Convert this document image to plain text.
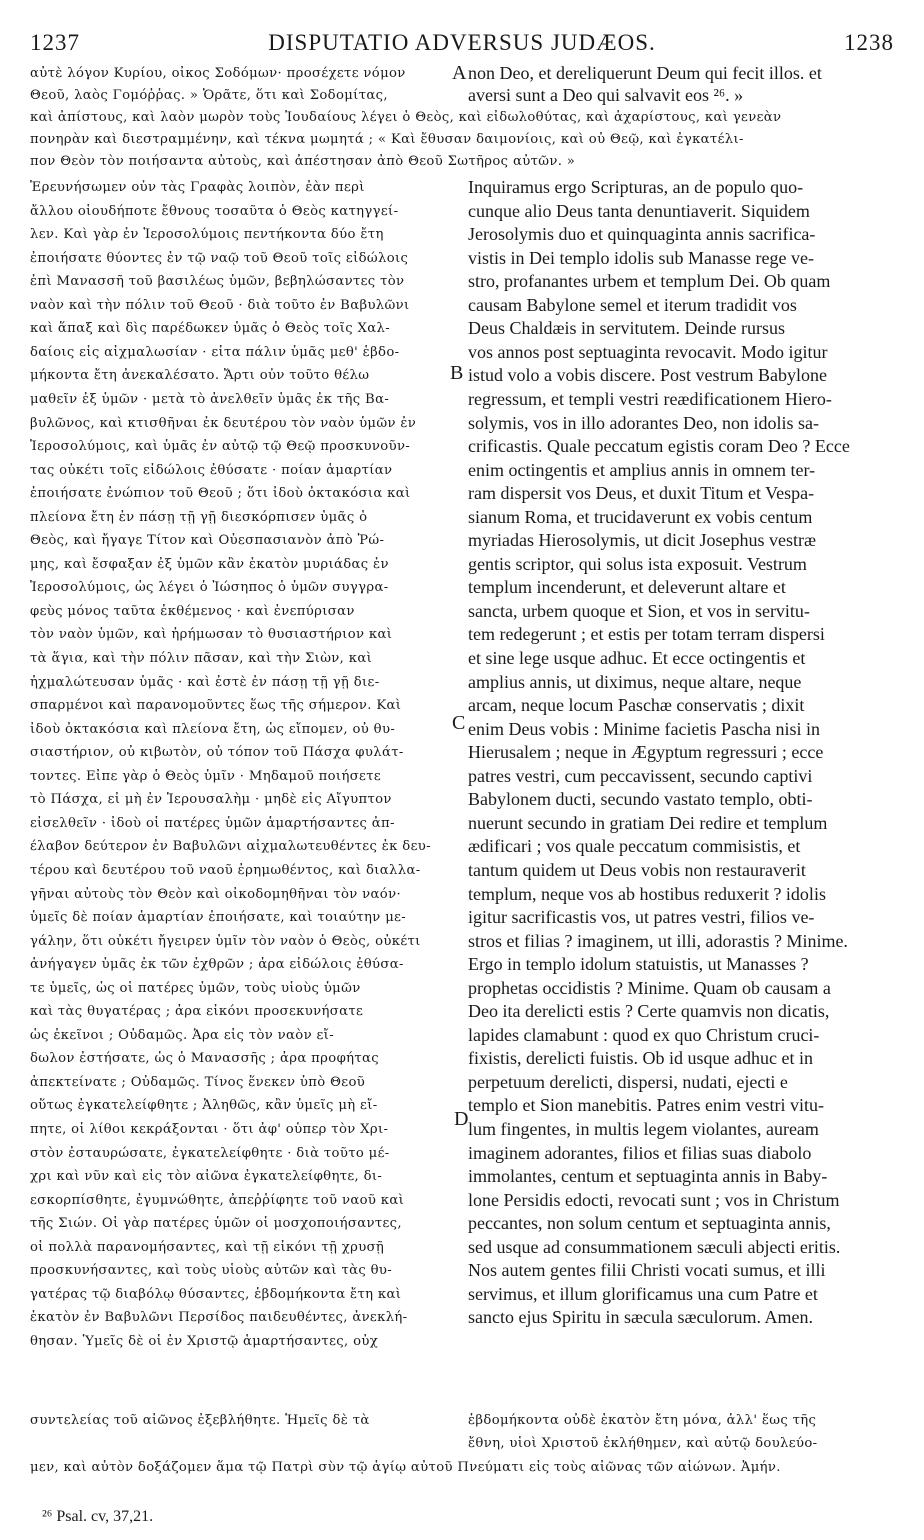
1237	DISPUTATIO ADVERSUS JUDÆOS.	1238
αὐτὲ λόγον Κυρίου, οἶκος Σοδόμων· προσέχετε νόμον	non Deo, et dereliquerunt Deum qui fecit illos. et
Θεοῦ, λαὸς Γομόῤῥας. » Ὁρᾶτε, ὅτι καὶ Σοδομίτας,	aversi sunt a Deo qui salvavit eos ²⁶. »
καὶ ἀπίστους, καὶ λαὸν μωρὸν τοὺς Ἰουδαίους λέγει ὁ Θεὸς, καὶ εἰδωλοθύτας, καὶ ἀχαρίστους, καὶ γενεὰν
πονηρὰν καὶ διεστραμμένην, καὶ τέκνα μωμητά ; « Καὶ ἔθυσαν δαιμονίοις, καὶ οὐ Θεῷ, καὶ ἐγκατέλι-
πον Θεὸν τὸν ποιήσαντα αὐτοὺς, καὶ ἀπέστησαν ἀπὸ Θεοῦ Σωτῆρος αὐτῶν. »
Ἐρευνήσωμεν οὖν τὰς Γραφὰς λοιπὸν, ἐὰν περὶ
ἄλλου οἱουδήποτε ἔθνους τοσαῦτα ὁ Θεὸς κατηγγεί-
λεν. Καὶ γὰρ ἐν Ἱεροσολύμοις πεντήκοντα δύο ἔτη
ἐποιήσατε θύοντες ἐν τῷ ναῷ τοῦ Θεοῦ τοῖς εἰδώλοις
ἐπὶ Μανασσῆ τοῦ βασιλέως ὑμῶν, βεβηλώσαντες τὸν
ναὸν καὶ τὴν πόλιν τοῦ Θεοῦ · διὰ τοῦτο ἐν Βαβυλῶνι
καὶ ἅπαξ καὶ δὶς παρέδωκεν ὑμᾶς ὁ Θεὸς τοῖς Χαλ-
δαίοις εἰς αἰχμαλωσίαν · εἶτα πάλιν ὑμᾶς μεθ' ἑβδο-
μήκοντα ἔτη ἀνεκαλέσατο. Ἄρτι οὖν τοῦτο θέλω
μαθεῖν ἐξ ὑμῶν · μετὰ τὸ ἀνελθεῖν ὑμᾶς ἐκ τῆς Βα-
βυλῶνος, καὶ κτισθῆναι ἐκ δευτέρου τὸν ναὸν ὑμῶν ἐν
Ἱεροσολύμοις, καὶ ὑμᾶς ἐν αὐτῷ τῷ Θεῷ προσκυνοῦν-
τας οὐκέτι τοῖς εἰδώλοις ἐθύσατε · ποίαν ἁμαρτίαν
ἐποιήσατε ἐνώπιον τοῦ Θεοῦ ; ὅτι ἰδοὺ ὀκτακόσια καὶ
πλείονα ἔτη ἐν πάσῃ τῇ γῇ διεσκόρπισεν ὑμᾶς ὁ
Θεὸς, καὶ ἤγαγε Τίτον καὶ Οὐεσπασιανὸν ἀπὸ Ῥώ-
μης, καὶ ἔσφαξαν ἐξ ὑμῶν κἂν ἑκατὸν μυριάδας ἐν
Ἱεροσολύμοις, ὡς λέγει ὁ Ἰώσηπος ὁ ὑμῶν συγγρα-
φεὺς μόνος ταῦτα ἐκθέμενος · καὶ ἐνεπύρισαν
τὸν ναὸν ὑμῶν, καὶ ἠρήμωσαν τὸ θυσιαστήριον καὶ
τὰ ἅγια, καὶ τὴν πόλιν πᾶσαν, καὶ τὴν Σιὼν, καὶ
ἠχμαλώτευσαν ὑμᾶς · καὶ ἐστὲ ἐν πάσῃ τῇ γῇ διε-
σπαρμένοι καὶ παρανομοῦντες ἕως τῆς σήμερον. Καὶ
ἰδοὺ ὀκτακόσια καὶ πλείονα ἔτη, ὡς εἴπομεν, οὐ θυ-
σιαστήριον, οὐ κιβωτὸν, οὐ τόπον τοῦ Πάσχα φυλάτ-
τοντες. Εἶπε γὰρ ὁ Θεὸς ὑμῖν · Μηδαμοῦ ποιήσετε
τὸ Πάσχα, εἰ μὴ ἐν Ἱερουσαλὴμ · μηδὲ εἰς Αἴγυπτον
εἰσελθεῖν · ἰδοὺ οἱ πατέρες ὑμῶν ἁμαρτήσαντες ἀπ-
έλαβον δεύτερον ἐν Βαβυλῶνι αἰχμαλωτευθέντες ἐκ δευ-
τέρου καὶ δευτέρου τοῦ ναοῦ ἐρημωθέντος, καὶ διαλλα-
γῆναι αὐτοὺς τὸν Θεὸν καὶ οἰκοδομηθῆναι τὸν ναόν·
ὑμεῖς δὲ ποίαν ἁμαρτίαν ἐποιήσατε, καὶ τοιαύτην με-
γάλην, ὅτι οὐκέτι ἤγειρεν ὑμῖν τὸν ναὸν ὁ Θεὸς, οὐκέτι
ἀνήγαγεν ὑμᾶς ἐκ τῶν ἐχθρῶν ; ἆρα εἰδώλοις ἐθύσα-
τε ὑμεῖς, ὡς οἱ πατέρες ὑμῶν, τοὺς υἱοὺς ὑμῶν
καὶ τὰς θυγατέρας ; ἆρα εἰκόνι προσεκυνήσατε
ὡς ἐκεῖνοι ; Οὐδαμῶς. Ἆρα εἰς τὸν ναὸν εἴ-
δωλον ἐστήσατε, ὡς ὁ Μανασσῆς ; ἆρα προφήτας
ἀπεκτείνατε ; Οὐδαμῶς. Τίνος ἕνεκεν ὑπὸ Θεοῦ
οὕτως ἐγκατελείφθητε ; Ἀληθῶς, κἂν ὑμεῖς μὴ εἴ-
πητε, οἱ λίθοι κεκράξονται · ὅτι ἀφ' οὗπερ τὸν Χρι-
στὸν ἐσταυρώσατε, ἐγκατελείφθητε · διὰ τοῦτο μέ-
χρι καὶ νῦν καὶ εἰς τὸν αἰῶνα ἐγκατελείφθητε, δι-
εσκορπίσθητε, ἐγυμνώθητε, ἀπεῤῥίφητε τοῦ ναοῦ καὶ
τῆς Σιών. Οἱ γὰρ πατέρες ὑμῶν οἱ μοσχοποιήσαντες,
οἱ πολλὰ παρανομήσαντες, καὶ τῇ εἰκόνι τῇ χρυσῇ
προσκυνήσαντες, καὶ τοὺς υἱοὺς αὐτῶν καὶ τὰς θυ-
γατέρας τῷ διαβόλῳ θύσαντες, ἑβδομήκοντα ἔτη καὶ
ἑκατὸν ἐν Βαβυλῶνι Περσίδος παιδευθέντες, ἀνεκλή-
θησαν. Ὑμεῖς δὲ οἱ ἐν Χριστῷ ἁμαρτήσαντες, οὐχ
Inquiramus ergo Scripturas, an de populo quo-
cunque alio Deus tanta denuntiaverit. Siquidem
Jerosolymis duo et quinquaginta annis sacrifica-
vistis in Dei templo idolis sub Manasse rege ve-
stro, profanantes urbem et templum Dei. Ob quam
causam Babylone semel et iterum tradidit vos
Deus Chaldæis in servitutem. Deinde rursus
vos annos post septuaginta revocavit. Modo igitur
istud volo a vobis discere. Post vestrum Babylone
regressum, et templi vestri reædificationem Hiero-
solymis, vos in illo adorantes Deo, non idolis sa-
crificastis. Quale peccatum egistis coram Deo ? Ecce
enim octingentis et amplius annis in omnem ter-
ram dispersit vos Deus, et duxit Titum et Vespa-
sianum Roma, et trucidaverunt ex vobis centum
myriadas Hierosolymis, ut dicit Josephus vestræ
gentis scriptor, qui solus ista exposuit. Vestrum
templum incenderunt, et deleverunt altare et
sancta, urbem quoque et Sion, et vos in servitu-
tem redegerunt ; et estis per totam terram dispersi
et sine lege usque adhuc. Et ecce octingentis et
amplius annis, ut diximus, neque altare, neque
arcam, neque locum Paschæ conservatis ; dixit
enim Deus vobis : Minime facietis Pascha nisi in
Hierusalem ; neque in Ægyptum regressuri ; ecce
patres vestri, cum peccavissent, secundo captivi
Babylonem ducti, secundo vastato templo, obti-
nuerunt secundo in gratiam Dei redire et templum
ædificari ; vos quale peccatum commisistis, et
tantum quidem ut Deus vobis non restauraverit
templum, neque vos ab hostibus reduxerit ? idolis
igitur sacrificastis vos, ut patres vestri, filios ve-
stros et filias ? imaginem, ut illi, adorastis ? Minime.
Ergo in templo idolum statuistis, ut Manasses ?
prophetas occidistis ? Minime. Quam ob causam a
Deo ita derelicti estis ? Certe quamvis non dicatis,
lapides clamabunt : quod ex quo Christum cruci-
fixistis, derelicti fuistis. Ob id usque adhuc et in
perpetuum derelicti, dispersi, nudati, ejecti e
templo et Sion manebitis. Patres enim vestri vitu-
lum fingentes, in multis legem violantes, auream
imaginem adorantes, filios et filias suas diabolo
immolantes, centum et septuaginta annis in Baby-
lone Persidis edocti, revocati sunt ; vos in Christum
peccantes, non solum centum et septuaginta annis,
sed usque ad consummationem sæculi abjecti eritis.
Nos autem gentes filii Christi vocati sumus, et illi
servimus, et illum glorificamus una cum Patre et
sancto ejus Spiritu in sæcula sæculorum. Amen.
συντελείας τοῦ αἰῶνος ἐξεβλήθητε. Ἡμεῖς δὲ τὰ	ἑβδομήκοντα οὐδὲ ἑκατὸν ἔτη μόνα, ἀλλ' ἕως τῆς
ἔθνη, υἱοὶ Χριστοῦ ἐκλήθημεν, καὶ αὐτῷ δουλεύο-
μεν, καὶ αὐτὸν δοξάζομεν ἅμα τῷ Πατρὶ σὺν τῷ ἁγίῳ αὐτοῦ Πνεύματι εἰς τοὺς αἰῶνας τῶν αἰώνων. Ἀμήν.
A
B
C
D
²⁶ Psal. cv, 37,21.
